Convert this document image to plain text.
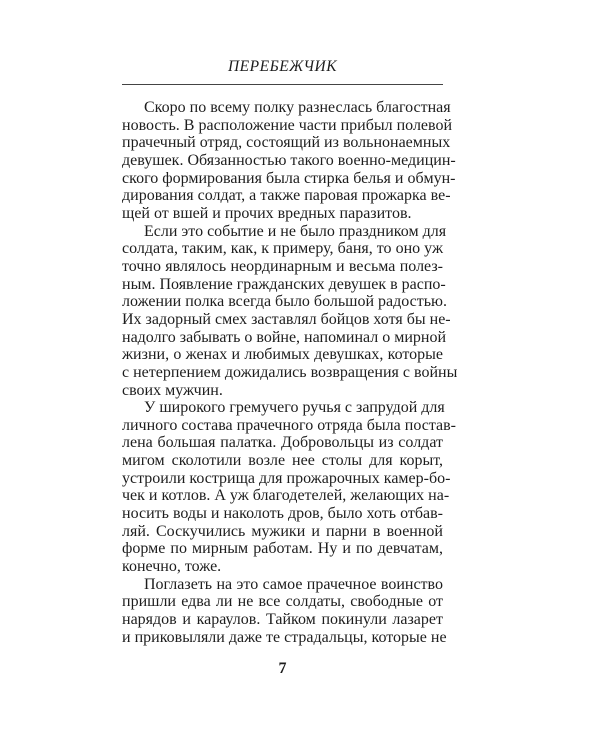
ПЕРЕБЕЖЧИК
Скоро по всему полку разнеслась благостная
новость. В расположение части прибыл полевой
прачечный отряд, состоящий из вольнонаемных
девушек. Обязанностью такого военно-медицин-
ского формирования была стирка белья и обмун-
дирования солдат, а также паровая прожарка ве-
щей от вшей и прочих вредных паразитов.
Если это событие и не было праздником для
солдата, таким, как, к примеру, баня, то оно уж
точно являлось неординарным и весьма полез-
ным. Появление гражданских девушек в распо-
ложении полка всегда было большой радостью.
Их задорный смех заставлял бойцов хотя бы не-
надолго забывать о войне, напоминал о мирной
жизни, о женах и любимых девушках, которые
с нетерпением дожидались возвращения с войны
своих мужчин.
У широкого гремучего ручья с запрудой для
личного состава прачечного отряда была постав-
лена большая палатка. Добровольцы из солдат
мигом сколотили возле нее столы для корыт,
устроили кострища для прожарочных камер-бо-
чек и котлов. А уж благодетелей, желающих на-
носить воды и наколоть дров, было хоть отбав-
ляй. Соскучились мужики и парни в военной
форме по мирным работам. Ну и по девчатам,
конечно, тоже.
Поглазеть на это самое прачечное воинство
пришли едва ли не все солдаты, свободные от
нарядов и караулов. Тайком покинули лазарет
и приковыляли даже те страдальцы, которые не
7
